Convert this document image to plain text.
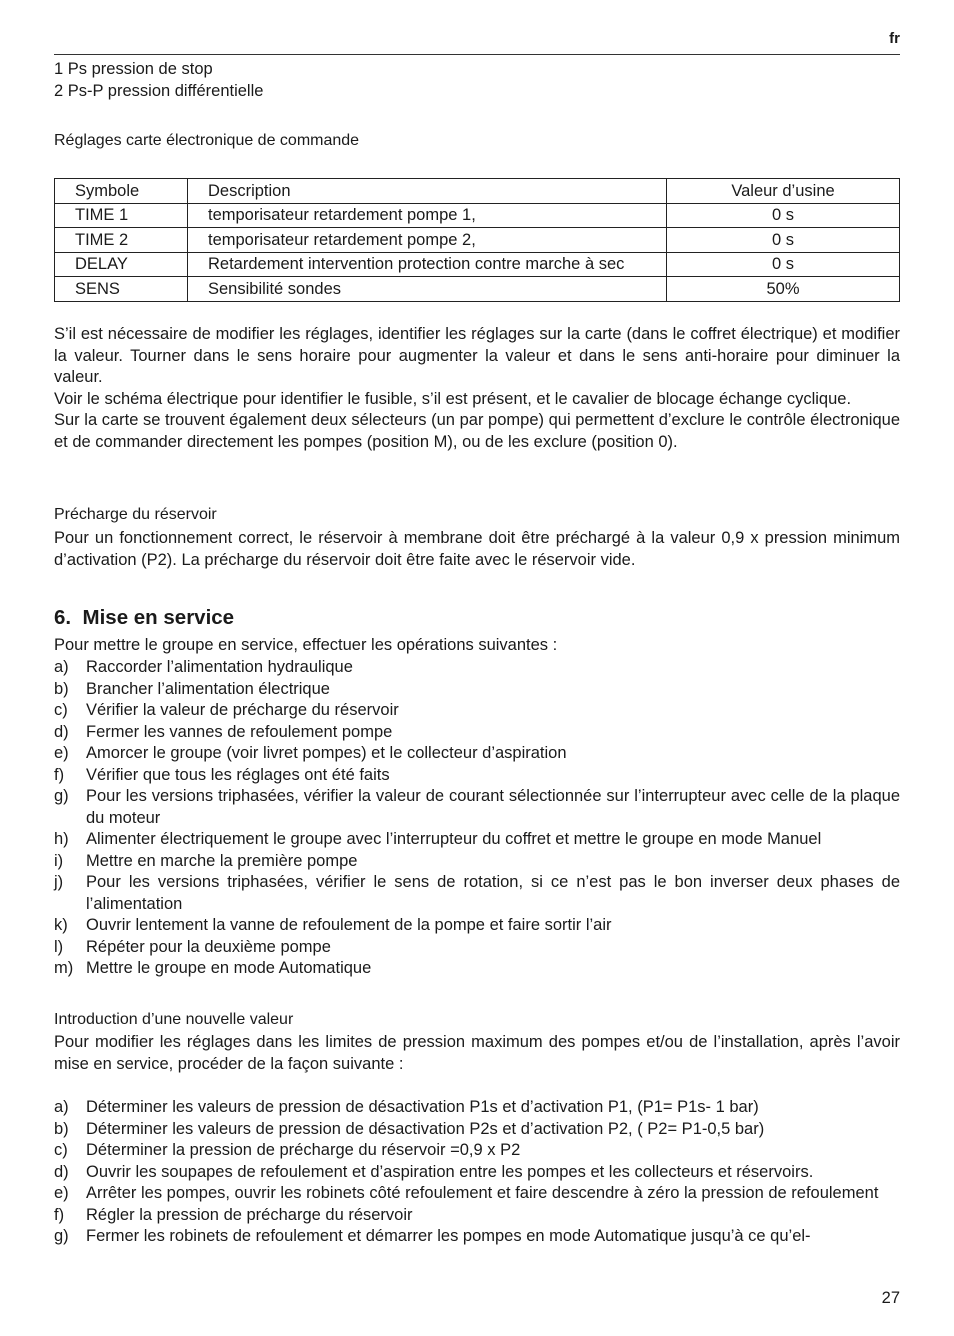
fr
1 Ps pression de stop
2 Ps-P pression différentielle
Réglages carte électronique de commande
Symbole	Description	Valeur d’usine
TIME 1	temporisateur retardement pompe 1,	0 s
TIME 2	temporisateur retardement pompe 2,	0 s
DELAY	Retardement intervention protection contre marche à sec	0 s
SENS	Sensibilité sondes	50%

S’il est nécessaire de modifier les réglages, identifier les réglages sur la carte (dans le coffret électrique) et modifier la valeur. Tourner dans le sens horaire pour augmenter la valeur et dans le sens anti-horaire pour diminuer la valeur.

Voir le schéma électrique pour identifier le fusible, s’il est présent, et le cavalier de blocage échange cyclique.

Sur la carte se trouvent également deux sélecteurs (un par pompe) qui permettent d’exclure le contrôle électronique et de commander directement les pompes (position M), ou de les exclure (position 0).

Précharge du réservoir
Pour un fonctionnement correct, le réservoir à membrane doit être préchargé à la valeur 0,9 x pression minimum d’activation (P2). La précharge du réservoir doit être faite avec le réservoir vide.
6. Mise en service
Pour mettre le groupe en service, effectuer les opérations suivantes :
a) Raccorder l’alimentation hydraulique
b) Brancher l’alimentation électrique
c) Vérifier la valeur de précharge du réservoir
d) Fermer les vannes de refoulement pompe
e) Amorcer le groupe (voir livret pompes) et le collecteur d’aspiration
f) Vérifier que tous les réglages ont été faits
g) Pour les versions triphasées, vérifier la valeur de courant sélectionnée sur l’interrupteur avec celle de la plaque du moteur
h) Alimenter électriquement le groupe avec l’interrupteur du coffret et mettre le groupe en mode Manuel
i) Mettre en marche la première pompe
j) Pour les versions triphasées, vérifier le sens de rotation, si ce n’est pas le bon inverser deux phases de l’alimentation
k) Ouvrir lentement la vanne de refoulement de la pompe et faire sortir l’air
l) Répéter pour la deuxième pompe
m) Mettre le groupe en mode Automatique
Introduction d’une nouvelle valeur
Pour modifier les réglages dans les limites de pression maximum des pompes et/ou de l’installation, après l’avoir mise en service, procéder de la façon suivante :
a) Déterminer les valeurs de pression de désactivation P1s et d’activation P1, (P1= P1s- 1 bar)
b) Déterminer les valeurs de pression de désactivation P2s et d’activation P2, ( P2= P1-0,5 bar)
c) Déterminer la pression de précharge du réservoir =0,9 x P2
d) Ouvrir les soupapes de refoulement et d’aspiration entre les pompes et les collecteurs et réservoirs.
e) Arrêter les pompes, ouvrir les robinets côté refoulement et faire descendre à zéro la pression de refoulement
f) Régler la pression de précharge du réservoir
g) Fermer les robinets de refoulement et démarrer les pompes en mode Automatique jusqu’à ce qu’el-
27
